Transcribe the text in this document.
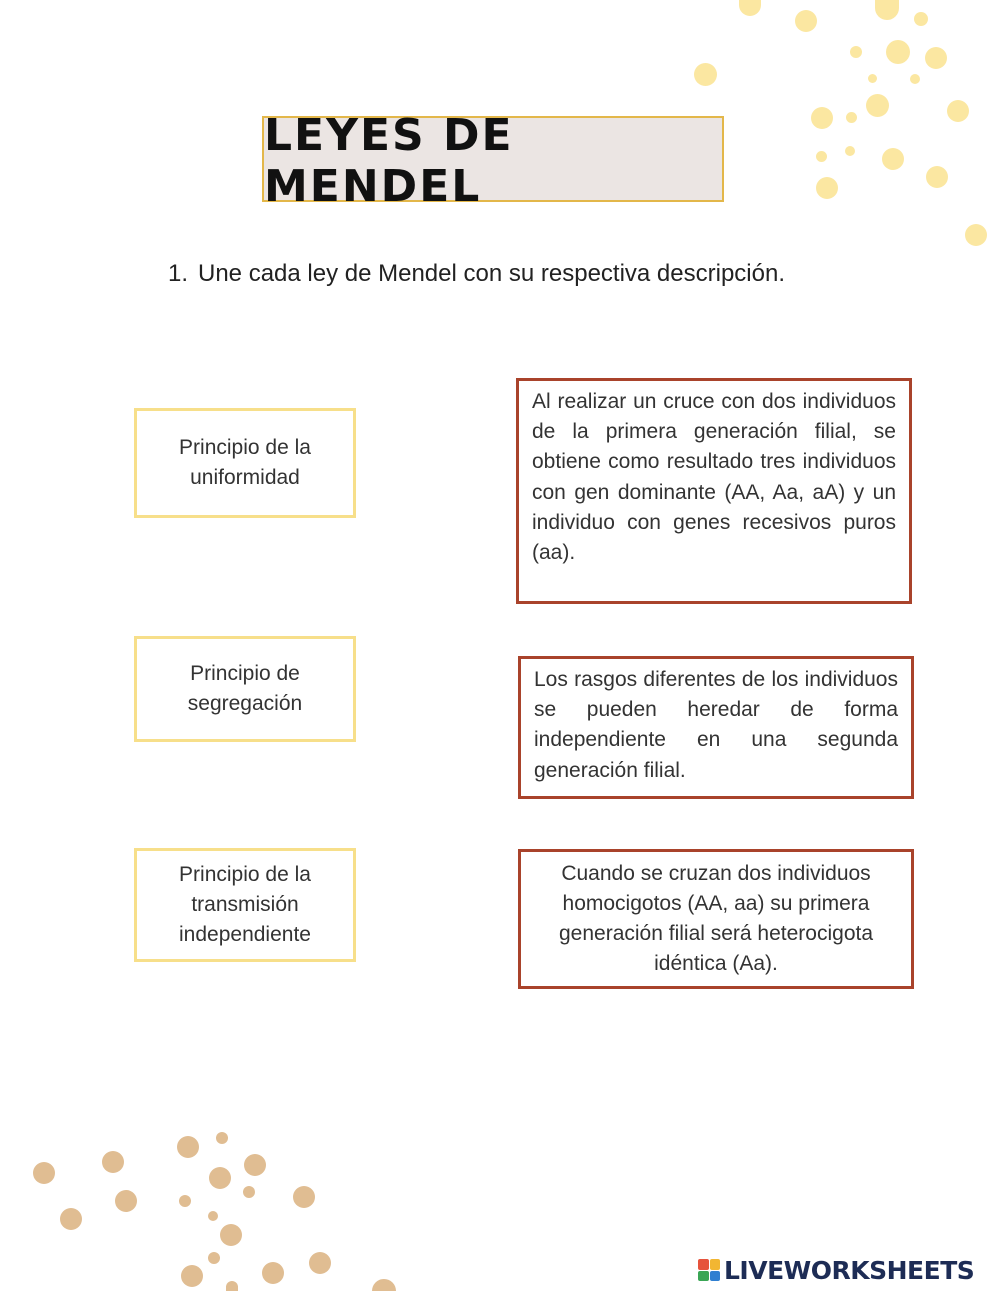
LEYES DE MENDEL
1. Une cada ley de Mendel con su respectiva descripción.
Principio de la uniformidad
Principio de segregación
Principio de la transmisión independiente
Al realizar un cruce con dos individuos de la primera generación filial, se obtiene como resultado tres individuos con gen dominante (AA, Aa, aA) y un individuo con genes recesivos puros (aa).
Los rasgos diferentes de los individuos se pueden heredar de forma independiente en una segunda generación filial.
Cuando se cruzan dos individuos homocigotos (AA, aa) su primera generación filial será heterocigota idéntica (Aa).
LIVEWORKSHEETS
